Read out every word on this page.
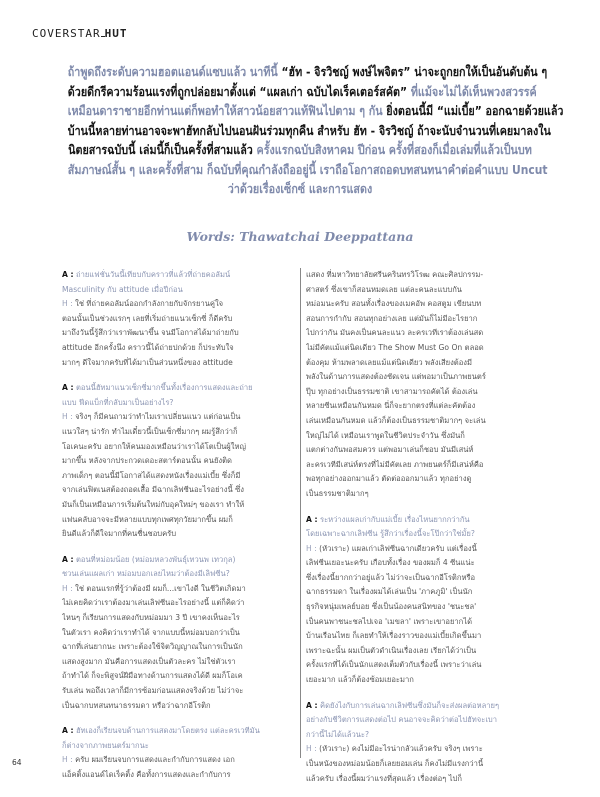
COVERSTAR HUT
ถ้าพูดถึงระดับความฮอตแอนด์แซบแล้ว นาทีนี้ “ฮัท - จิรวิชญ์ พงษ์ไพจิตร” น่าจะถูกยกให้เป็นอันดับต้น ๆ
ด้วยดีกรีความร้อนแรงที่ถูกปล่อยมาตั้งแต่ “แผลเก่า ฉบับไดเร็คเตอร์สคัต” ที่แม้จะไม่ได้เห็นพวงสวรรค์
เหมือนดาราชายอีกท่านแต่ก็พอทำให้สาวน้อยสาวแท้ฟินไปตาม ๆ กัน ยิ่งตอนนี้มี “แม่เบี้ย” ออกฉายด้วยแล้ว
บ้านนี้หลายท่านอาจจะพาฮัทกลับไปนอนฝันร่วมทุกคืน สำหรับ ฮัท - จิรวิชญ์ ถ้าจะนับจำนวนที่เคยมาลงใน
นิตยสารฉบับนี้ เล่มนี้ก็เป็นครั้งที่สามแล้ว ครั้งแรกฉบับสิงหาคม ปีก่อน ครั้งที่สองก็เมื่อเล่มที่แล้วเป็นบท
สัมภาษณ์สั้น ๆ และครั้งที่สาม ก็ฉบับที่คุณกำลังถืออยู่นี้ เราถือโอกาสถอดบทสนทนาคำต่อคำแบบ Uncut
ว่าด้วยเรื่องเซ็กซ์ และการแสดง
Words: Thawatchai Deeppattana
A : ถ่ายแฟชั่นวันนี้เทียบกับคราวที่แล้วที่ถ่ายคอลัมน์
Masculinity กับ attitude เมื่อปีก่อน
H : ใช่ ที่ถ่ายคอลัมน์ออกกำลังกายกับจักรยานคู่ใจ
ตอนนั้นเป็นช่วงแรกๆ เลยที่เริ่มถ่ายแนวเซ็กซี่ ก็ดีครับ
มาถึงวันนี้รู้สึกว่าเราพัฒนาขึ้น จนมีโอกาสได้มาถ่ายกับ
attitude อีกครั้งนึง คราวนี้ได้ถ่ายปกด้วย ก็ประทับใจ
มากๆ ดีใจมากครับที่ได้มาเป็นส่วนหนึ่งของ attitude
A : ตอนนี้ฮัทมาแนวเซ็กซี่มากขึ้นทั้งเรื่องการแสดงและถ่าย
แบบ ฟีดแบ็กที่กลับมาเป็นอย่างไร?
H : จริงๆ ก็มีคนถามว่าทำไมเราเปลี่ยนแนว แต่ก่อนเป็น
แนวใสๆ น่ารัก ทำไมเดี๋ยวนี้เป็นเซ็กซี่มากๆ ผมรู้สึกว่าก็
โอเคนะครับ อยากให้คนมองเหมือนว่าเราได้โตเป็นผู้ใหญ่
มากขึ้น หลังจากประกวดเดอะสตาร์ตอนนั้น คนยังติด
ภาพเด็กๆ ตอนนี้มีโอกาสได้แสดงหนังเรื่องแม่เบี้ย ซึ่งก็มี
จากเล่นฟิตเนสต้องถอดเสื้อ มีฉากเลิฟซีนอะไรอย่างนี้ ซึ่ง
มันก็เป็นเหมือนการเริ่มต้นใหม่กับอุคใหม่ๆ ของเรา ทำให้
แฟนคลับอาจจะมีหลายแบบทุกเพศทุกวัยมากขึ้น ผมก็
ยินดีแล้วก็ดีใจมากที่คนชื่นชอบครับ
A : ตอนที่หม่อมน้อย (หม่อมหลวงพันธุ์เทวนพ เทวกุล)
ชวนเล่นแผลเก่า หม่อมบอกเลยไหมว่าต้องมีเลิฟซีน?
H : ใช่ ตอนแรกที่รู้ว่าต้องมี ผมก็...เขาไงดี ในชีวิตเกิดมา
ไม่เคยคิดว่าเราต้องมาเล่นเลิฟซีนอะไรอย่างนี้ แต่ก็คิดว่า
ไหนๆ ก็เรียนการแสดงกับหม่อมมา 3 ปี เขาคงเห็นอะไร
ในตัวเรา คงคิดว่าเราทำได้ จากแบบนี้หม่อมบอกว่าเป็น
ฉากที่เล่นยากนะ เพราะต้องใช้จิตวิญญาณในการเป็นนัก
แสดงสูงมาก มันคือการแสดงเป็นตัวละคร ไม่ใช่ตัวเรา
ถ้าทำได้ ก็จะพิสูจน์ฝีมือทางด้านการแสดงได้ดี ผมก็โอเค
รับเล่น พอถึงเวลาก็มีการซ้อมก่อนแสดงจริงด้วย ไม่ว่าจะ
เป็นฉากบทสนทนาธรรมดา หรือว่าฉากอีโรติก
A : ฮัทเองก็เรียนจบด้านการแสดงมาโดยตรง แต่ละครเวทีมัน
ก็ต่างจากภาพยนตร์มากนะ
H : ครับ ผมเรียนจบการแสดงและกำกับการแสดง เอก
แอ็คติ้งแอนด์ไดเร็คติ้ง คือทั้งการแสดงและกำกับการ
แสดง ที่มหาวิทยาลัยศรีนครินทรวิโรฒ คณะศิลปกรรม-
ศาสตร์ ซึ่งเขาก็สอนหมดเลย แต่ละคนละแบบกัน
หม่อมนะครับ สอนทั้งเรื่องของเมคอัพ คอสตูม เขียนบท
สอนการกำกับ สอนทุกอย่างเลย แต่มันก็ไม่มีอะไรยาก
ไปกว่ากัน มันคงเป็นคนละแนว ละครเวทีเราต้องเล่นสด
ไม่มีคัตแม้แต่นิดเดียว The Show Must Go On ตลอด
ต้องคุม ห้ามพลาดเลยแม้แต่นิดเดียว พลังเสียงต้องมี
พลังในด้านการแสดงต้องชัดเจน แต่พอมาเป็นภาพยนตร์
ปุ๊บ ทุกอย่างเป็นธรรมชาติ เขาสามารถคัตได้ ต้องเล่น
หลายซีนเหมือนกันหมด นี่ก็จะยากตรงที่แต่ละคัตต้อง
เล่นเหมือนกันหมด แล้วก็ต้องเป็นธรรมชาติมากๆ จะเล่น
ใหญ่ไม่ได้ เหมือนเราพูดในชีวิตประจำวัน ซึ่งมันก็
แตกต่างกันพอสมควร แต่พอมาเล่นก็ชอบ มันมีเสน่ห์
ละครเวทีมีเสน่ห์ตรงที่ไม่มีคัตเลย ภาพยนตร์ก็มีเสน่ห์คือ
พอทุกอย่างออกมาแล้ว ตัดต่อออกมาแล้ว ทุกอย่างดู
เป็นธรรมชาติมากๆ
A : ระหว่างแผลเก่ากับแม่เบี้ย เรื่องไหนยากกว่ากัน
โดยเฉพาะฉากเลิฟซีน รู้สึกว่าเรื่องนี้จะโป๊กว่าใช่มั้ย?
H : (หัวเราะ) แผลเก่าเลิฟซีนฉากเดียวครับ แต่เรื่องนี้
เลิฟซีนเยอะนะครับ เกือบทั้งเรื่อง ของผมก็ 4 ซีนแน่ะ
ซึ่งเรื่องนี้ยากกว่าอยู่แล้ว ไม่ว่าจะเป็นฉากอีโรติกหรือ
ฉากธรรมดา ในเรื่องผมได้เล่นเป็น 'ภาคภูมิ' เป็นนัก
ธุรกิจหนุ่มเพลย์บอย ซึ่งเป็นน้องคนสนิทของ 'ชนะชล'
เป็นคนพาชนะชลไปเจอ 'เมขลา' เพราะเขาอยากได้
บ้านเรือนไทย ก็เลยทำให้เรื่องราวของแม่เบี้ยเกิดขึ้นมา
เพราะฉะนั้น ผมเป็นตัวดำเนินเรื่องเลย เรียกได้ว่าเป็น
ครั้งแรกที่ได้เป็นนักแสดงเต็มตัวกับเรื่องนี้ เพราะว่าเล่น
เยอะมาก แล้วก็ต้องซ้อมเยอะมาก
A : คิดยังไงกับการเล่นฉากเลิฟซีนซึ่งมันก็จะส่งผลต่อหลายๆ
อย่างกับชีวิตการแสดงต่อไป คนอาจจะคิดว่าต่อไปฮัทจะเบา
กว่านี้ไม่ได้แล้วนะ?
H : (หัวเราะ) คงไม่มีอะไรน่ากลัวแล้วครับ จริงๆ เพราะ
เป็นหนังของหม่อมน้อยก็เลยยอมเล่น ก็คงไม่มีแรงกว่านี้
แล้วครับ เรื่องนี้ผมว่าแรงที่สุดแล้ว เรื่องต่อๆ ไปก็
64
